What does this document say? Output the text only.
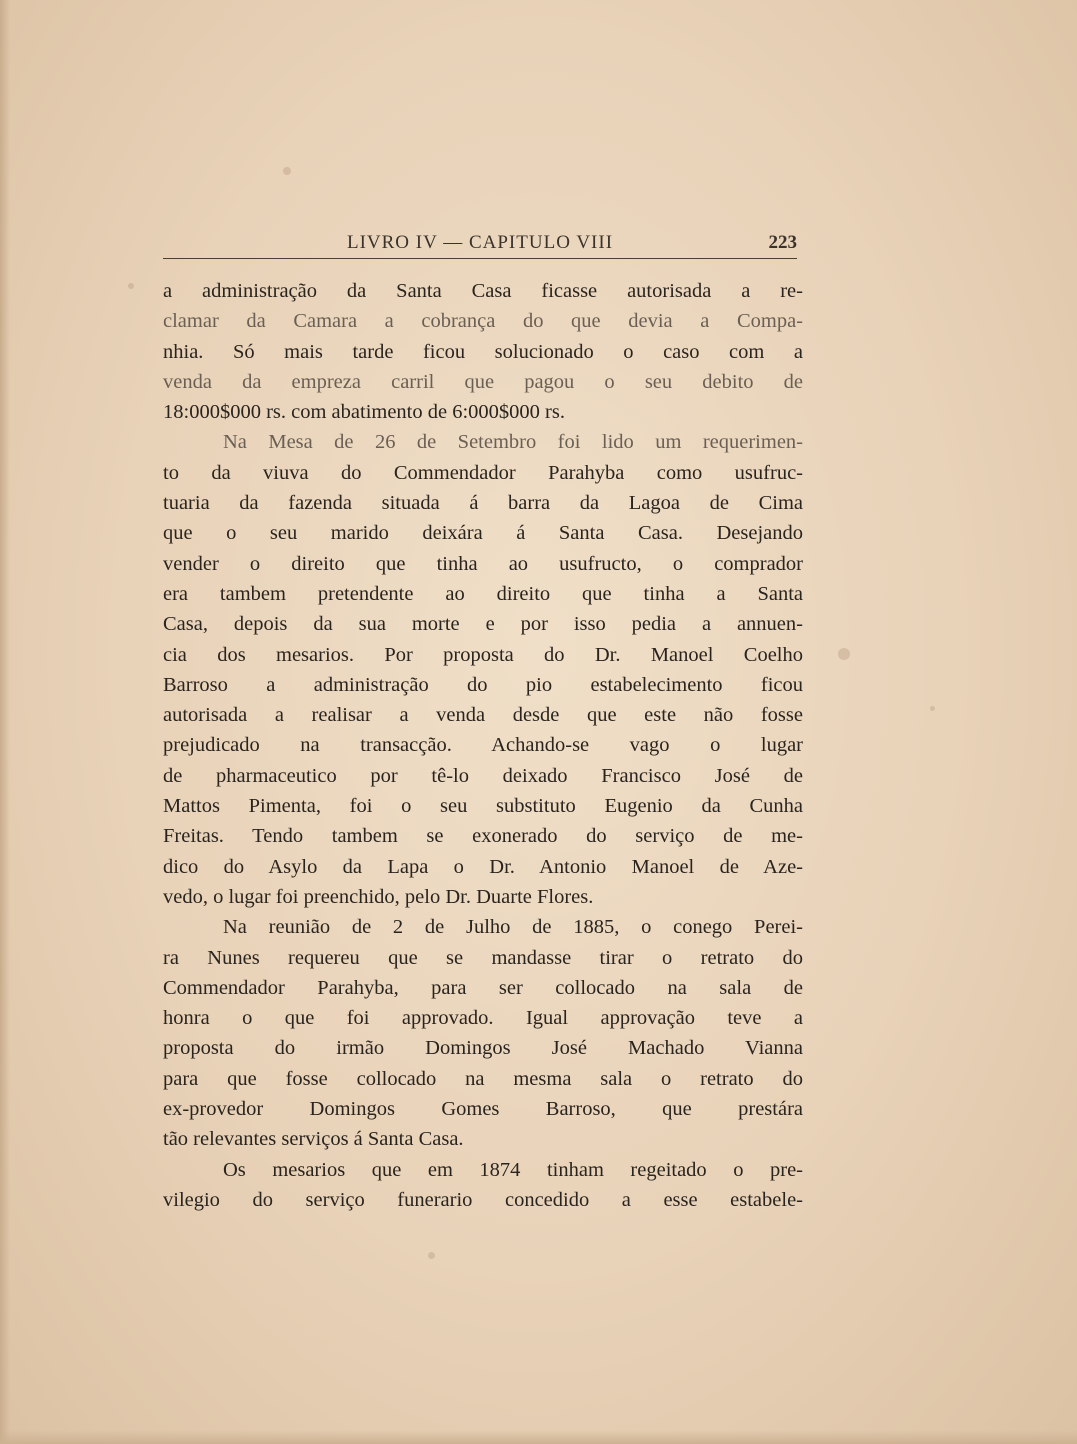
LIVRO IV — CAPITULO VIII	223
a administração da Santa Casa ficasse autorisada a re-
clamar da Camara a cobrança do que devia a Compa-
nhia. Só mais tarde ficou solucionado o caso com a
venda da empreza carril que pagou o seu debito de
18:000$000 rs. com abatimento de 6:000$000 rs.
Na Mesa de 26 de Setembro foi lido um requerimen-
to da viuva do Commendador Parahyba como usufruc-
tuaria da fazenda situada á barra da Lagoa de Cima
que o seu marido deixára á Santa Casa. Desejando
vender o direito que tinha ao usufructo, o comprador
era tambem pretendente ao direito que tinha a Santa
Casa, depois da sua morte e por isso pedia a annuen-
cia dos mesarios. Por proposta do Dr. Manoel Coelho
Barroso a administração do pio estabelecimento ficou
autorisada a realisar a venda desde que este não fosse
prejudicado na transacção. Achando-se vago o lugar
de pharmaceutico por tê-lo deixado Francisco José de
Mattos Pimenta, foi o seu substituto Eugenio da Cunha
Freitas. Tendo tambem se exonerado do serviço de me-
dico do Asylo da Lapa o Dr. Antonio Manoel de Aze-
vedo, o lugar foi preenchido, pelo Dr. Duarte Flores.
Na reunião de 2 de Julho de 1885, o conego Perei-
ra Nunes requereu que se mandasse tirar o retrato do
Commendador Parahyba, para ser collocado na sala de
honra o que foi approvado. Igual approvação teve a
proposta do irmão Domingos José Machado Vianna
para que fosse collocado na mesma sala o retrato do
ex-provedor Domingos Gomes Barroso, que prestára
tão relevantes serviços á Santa Casa.
Os mesarios que em 1874 tinham regeitado o pre-
vilegio do serviço funerario concedido a esse estabele-
